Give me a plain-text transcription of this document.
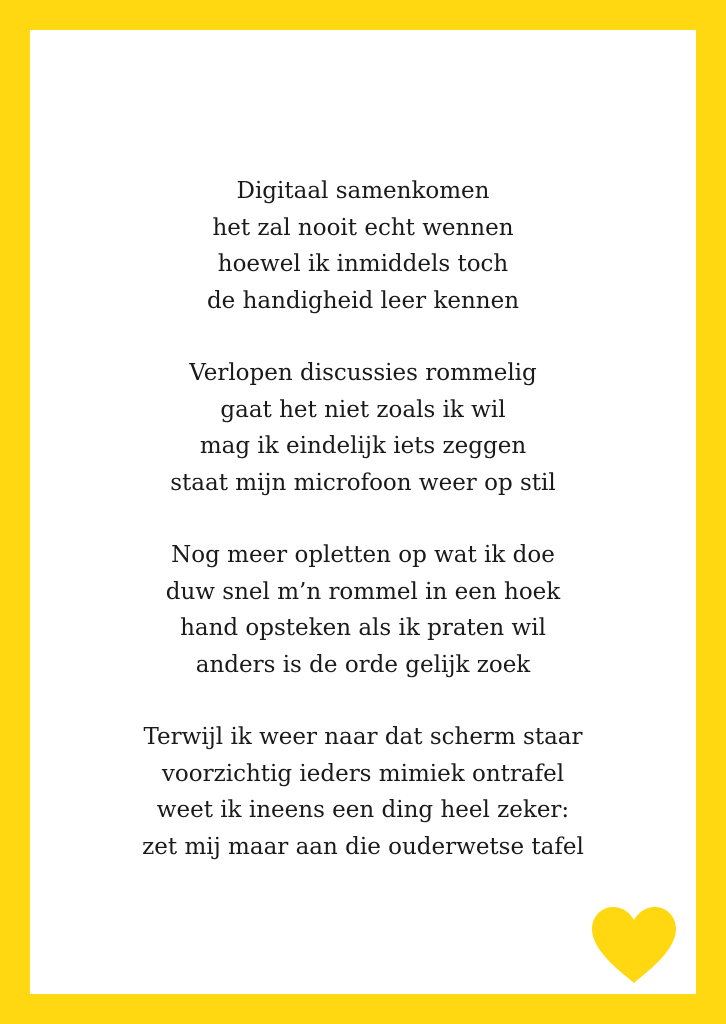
Digitaal samenkomen
het zal nooit echt wennen
hoewel ik inmiddels toch
de handigheid leer kennen
Verlopen discussies rommelig
gaat het niet zoals ik wil
mag ik eindelijk iets zeggen
staat mijn microfoon weer op stil
Nog meer opletten op wat ik doe
duw snel m’n rommel in een hoek
hand opsteken als ik praten wil
anders is de orde gelijk zoek
Terwijl ik weer naar dat scherm staar
voorzichtig ieders mimiek ontrafel
weet ik ineens een ding heel zeker:
zet mij maar aan die ouderwetse tafel
